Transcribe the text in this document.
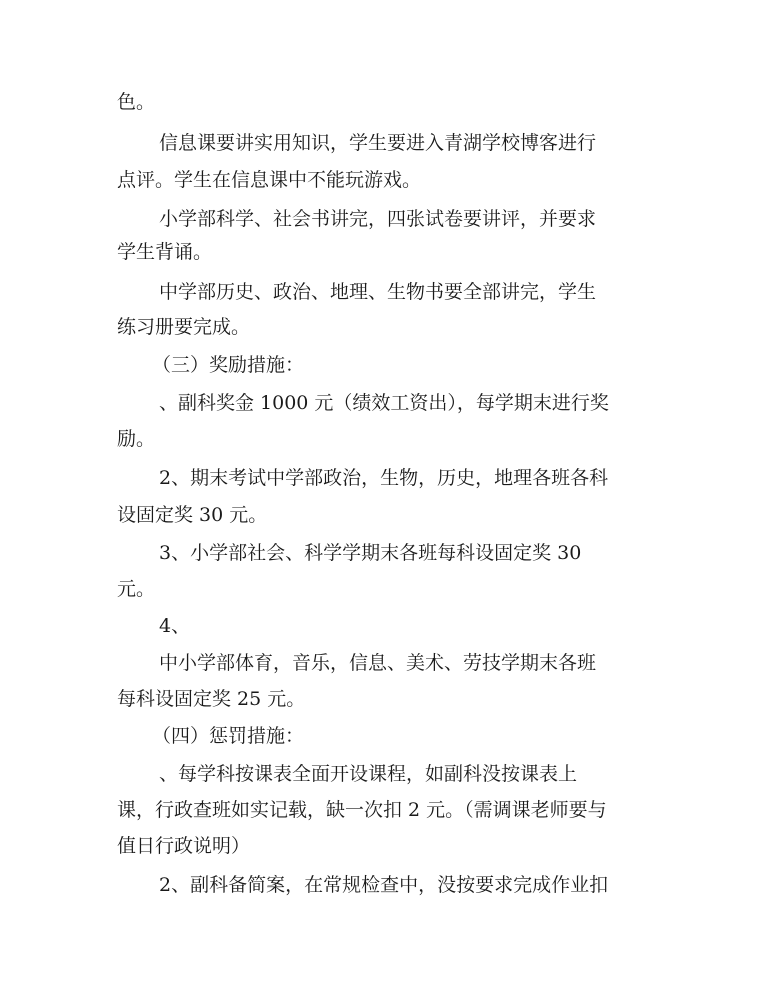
色。
信息课要讲实用知识，学生要进入青湖学校博客进行
点评。学生在信息课中不能玩游戏。
小学部科学、社会书讲完，四张试卷要讲评，并要求
学生背诵。
中学部历史、政治、地理、生物书要全部讲完，学生
练习册要完成。
（三）奖励措施：
、副科奖金 1000 元（绩效工资出），每学期末进行奖
励。
2、期末考试中学部政治，生物，历史，地理各班各科
设固定奖 30 元。
3、小学部社会、科学学期末各班每科设固定奖 30
元。
4、
中小学部体育，音乐，信息、美术、劳技学期末各班
每科设固定奖 25 元。
（四）惩罚措施：
、每学科按课表全面开设课程，如副科没按课表上
课，行政查班如实记载，缺一次扣 2 元。（需调课老师要与
值日行政说明）
2、副科备简案，在常规检查中，没按要求完成作业扣
